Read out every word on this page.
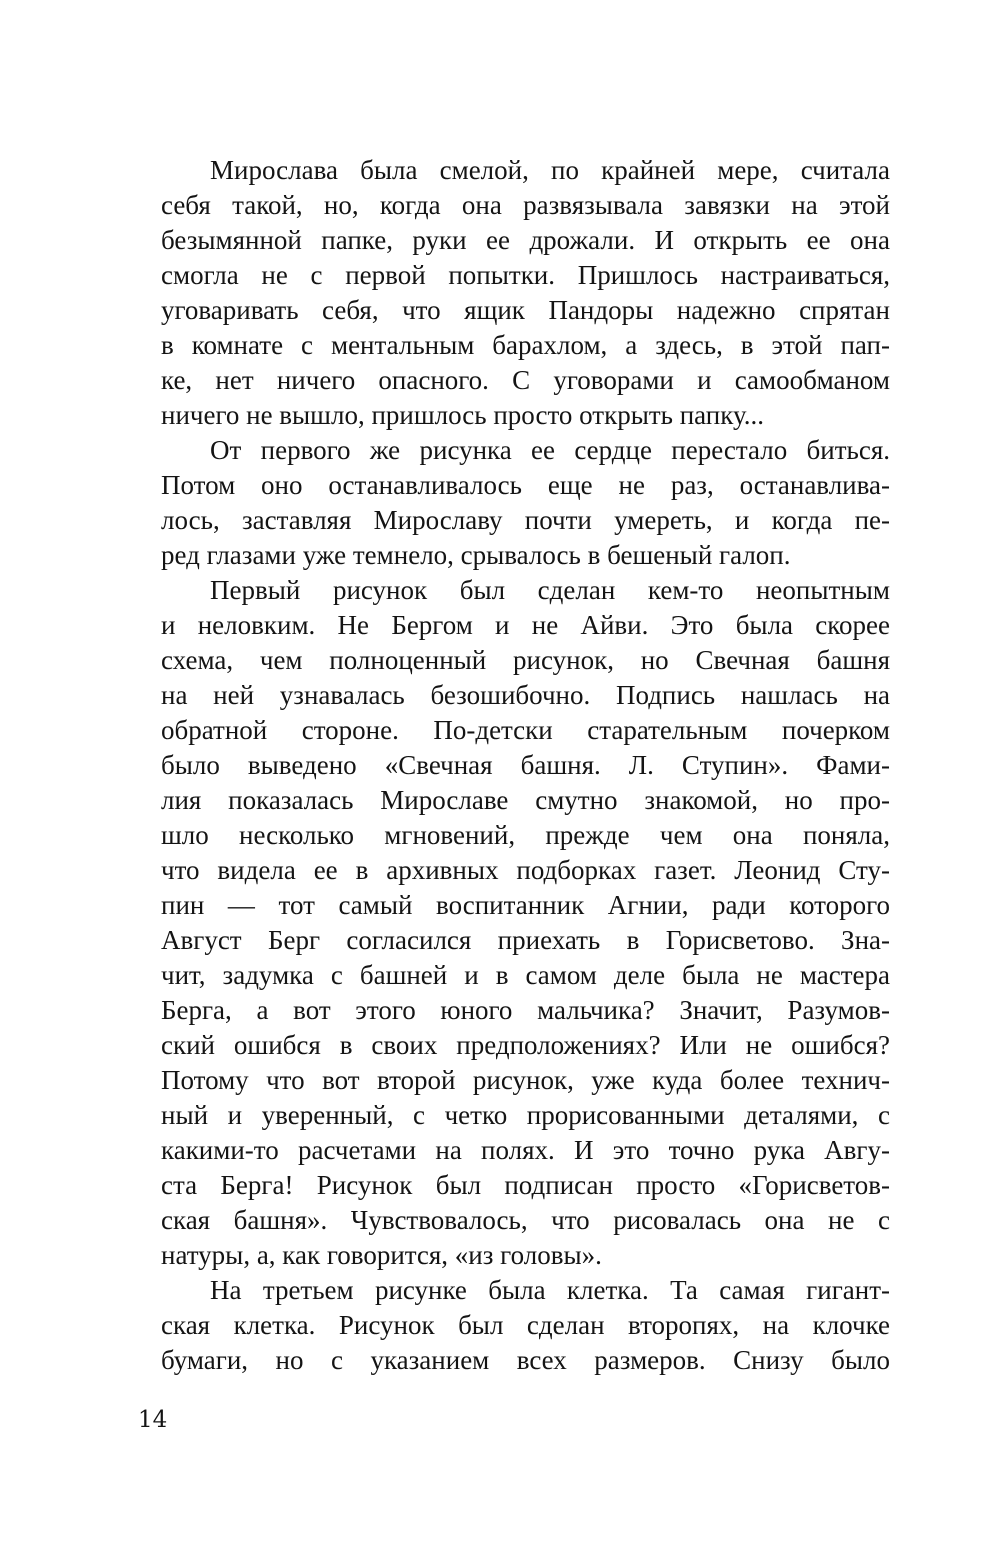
Мирослава была смелой, по крайней мере, считала
себя такой, но, когда она развязывала завязки на этой
безымянной папке, руки ее дрожали. И открыть ее она
смогла не с первой попытки. Пришлось настраиваться,
уговаривать себя, что ящик Пандоры надежно спрятан
в комнате с ментальным барахлом, а здесь, в этой пап-
ке, нет ничего опасного. С уговорами и самообманом
ничего не вышло, пришлось просто открыть папку...
От первого же рисунка ее сердце перестало биться.
Потом оно останавливалось еще не раз, останавлива-
лось, заставляя Мирославу почти умереть, и когда пе-
ред глазами уже темнело, срывалось в бешеный галоп.
Первый рисунок был сделан кем-то неопытным
и неловким. Не Бергом и не Айви. Это была скорее
схема, чем полноценный рисунок, но Свечная башня
на ней узнавалась безошибочно. Подпись нашлась на
обратной стороне. По-детски старательным почерком
было выведено «Свечная башня. Л. Ступин». Фами-
лия показалась Мирославе смутно знакомой, но про-
шло несколько мгновений, прежде чем она поняла,
что видела ее в архивных подборках газет. Леонид Сту-
пин — тот самый воспитанник Агнии, ради которого
Август Берг согласился приехать в Горисветово. Зна-
чит, задумка с башней и в самом деле была не мастера
Берга, а вот этого юного мальчика? Значит, Разумов-
ский ошибся в своих предположениях? Или не ошибся?
Потому что вот второй рисунок, уже куда более технич-
ный и уверенный, с четко прорисованными деталями, с
какими-то расчетами на полях. И это точно рука Авгу-
ста Берга! Рисунок был подписан просто «Горисветов-
ская башня». Чувствовалось, что рисовалась она не с
натуры, а, как говорится, «из головы».
На третьем рисунке была клетка. Та самая гигант-
ская клетка. Рисунок был сделан второпях, на клочке
бумаги, но с указанием всех размеров. Снизу было
14
